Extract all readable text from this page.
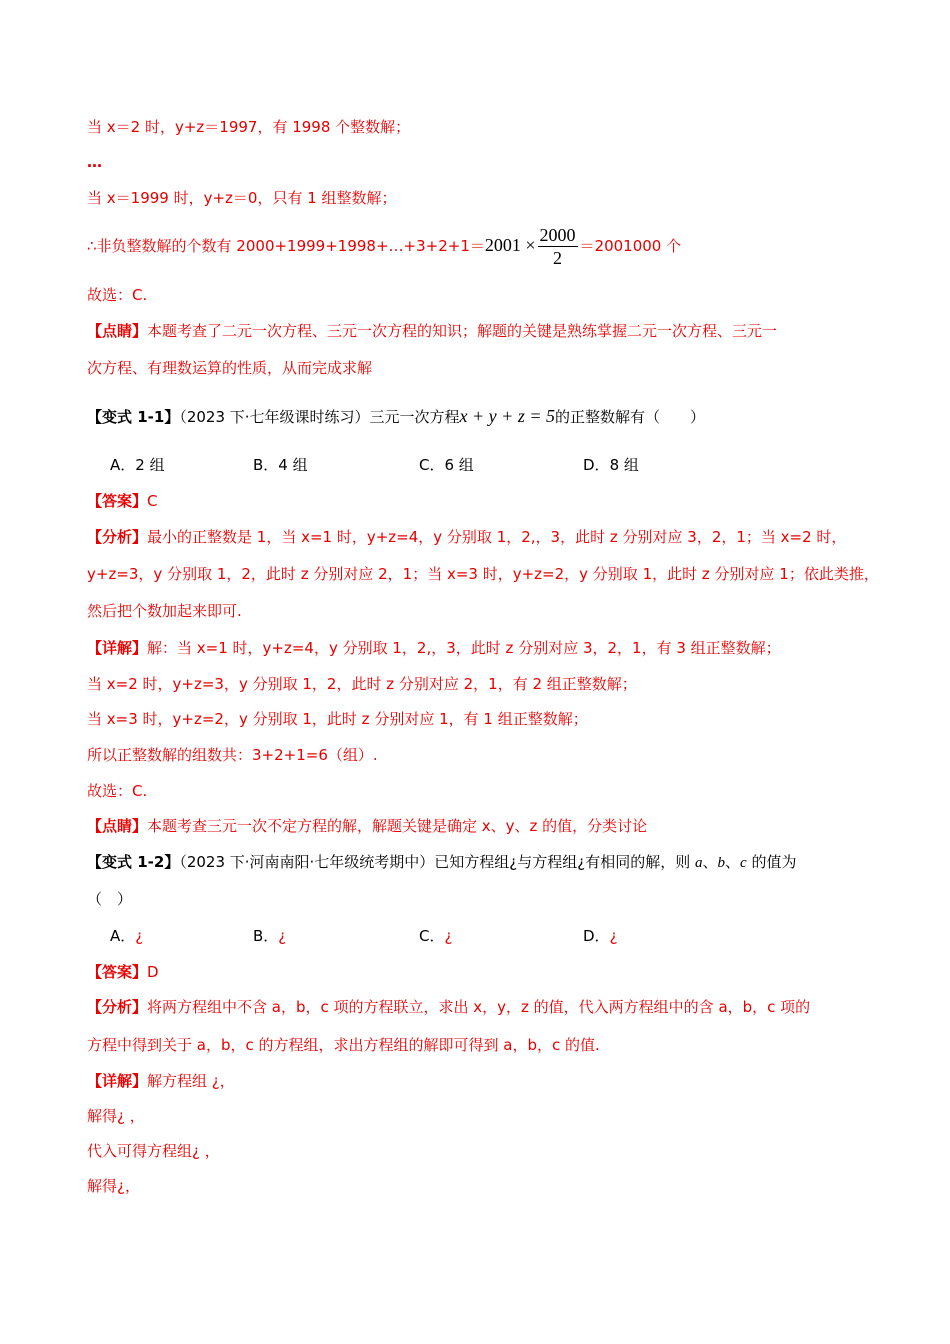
当 x＝2 时，y+z＝1997，有 1998 个整数解；
…
当 x＝1999 时，y+z＝0，只有 1 组整数解；
∴非负整数解的个数有 2000+1999+1998+…+3+2+1＝2001 × $\frac{2000}{2} =2001000$ 个
故选：C.
【点睛】本题考查了二元一次方程、三元一次方程的知识；解题的关键是熟练掌握二元一次方程、三元一
次方程、有理数运算的性质，从而完成求解
【变式 1-1】（2023 下·七年级课时练习）三元一次方程x + y + z = 5的正整数解有（　　）
A．2 组	B．4 组	C．6 组	D．8 组
【答案】C
【分析】最小的正整数是 1，当 x=1 时，y+z=4，y 分别取 1，2,，3，此时 z 分别对应 3，2，1；当 x=2 时，
y+z=3，y 分别取 1，2，此时 z 分别对应 2，1；当 x=3 时，y+z=2，y 分别取 1，此时 z 分别对应 1；依此类推，
然后把个数加起来即可.
【详解】解：当 x=1 时，y+z=4，y 分别取 1，2,，3，此时 z 分别对应 3，2，1，有 3 组正整数解；
当 x=2 时，y+z=3，y 分别取 1，2，此时 z 分别对应 2，1，有 2 组正整数解；
当 x=3 时，y+z=2，y 分别取 1，此时 z 分别对应 1，有 1 组正整数解；
所以正整数解的组数共：3+2+1=6（组）.
故选：C.
【点睛】本题考查三元一次不定方程的解，解题关键是确定 x、y、z 的值，分类讨论
【变式 1-2】（2023 下·河南南阳·七年级统考期中）已知方程组¿与方程组¿有相同的解，则 a、b、c 的值为
（　）
A．¿	B．¿	C．¿	D．¿
【答案】D
【分析】将两方程组中不含 a，b，c 项的方程联立，求出 x，y，z 的值，代入两方程组中的含 a，b，c 项的
方程中得到关于 a，b，c 的方程组，求出方程组的解即可得到 a，b，c 的值.
【详解】解方程组 ¿，
解得¿ ，
代入可得方程组¿ ，
解得¿，
